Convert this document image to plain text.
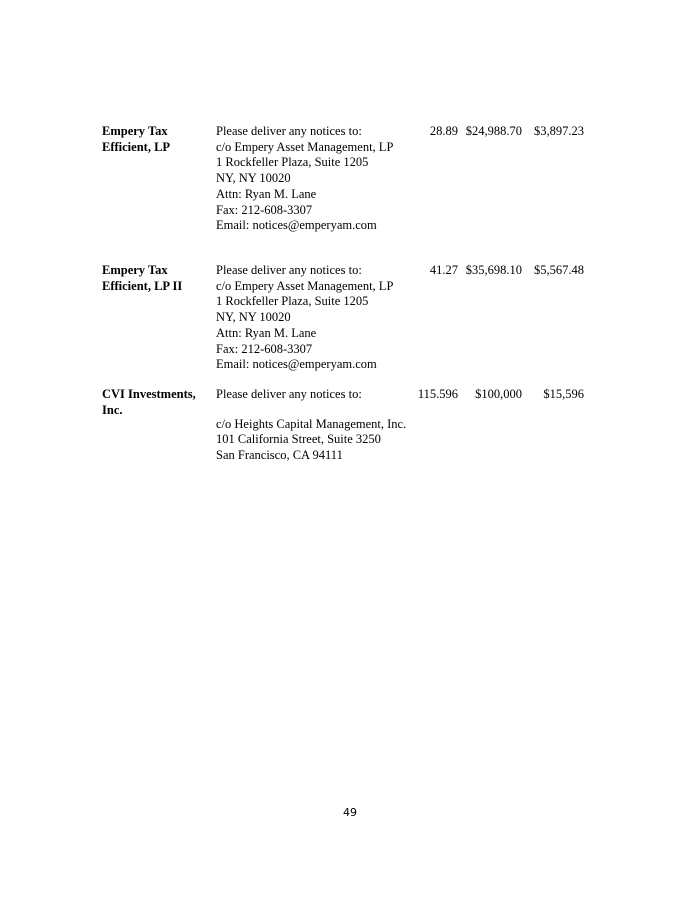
Empery Tax
Efficient, LP
Please deliver any notices to:
c/o Empery Asset Management, LP
1 Rockfeller Plaza, Suite 1205
NY, NY 10020
Attn: Ryan M. Lane
Fax: 212-608-3307
Email: notices@emperyam.com
28.89 $24,988.70 $3,897.23
Empery Tax
Efficient, LP II
Please deliver any notices to:
c/o Empery Asset Management, LP
1 Rockfeller Plaza, Suite 1205
NY, NY 10020
Attn: Ryan M. Lane
Fax: 212-608-3307
Email: notices@emperyam.com
41.27 $35,698.10 $5,567.48
CVI Investments,
Inc.
Please deliver any notices to:
c/o Heights Capital Management, Inc.
101 California Street, Suite 3250
San Francisco, CA 94111
115.596 $100,000 $15,596
49
